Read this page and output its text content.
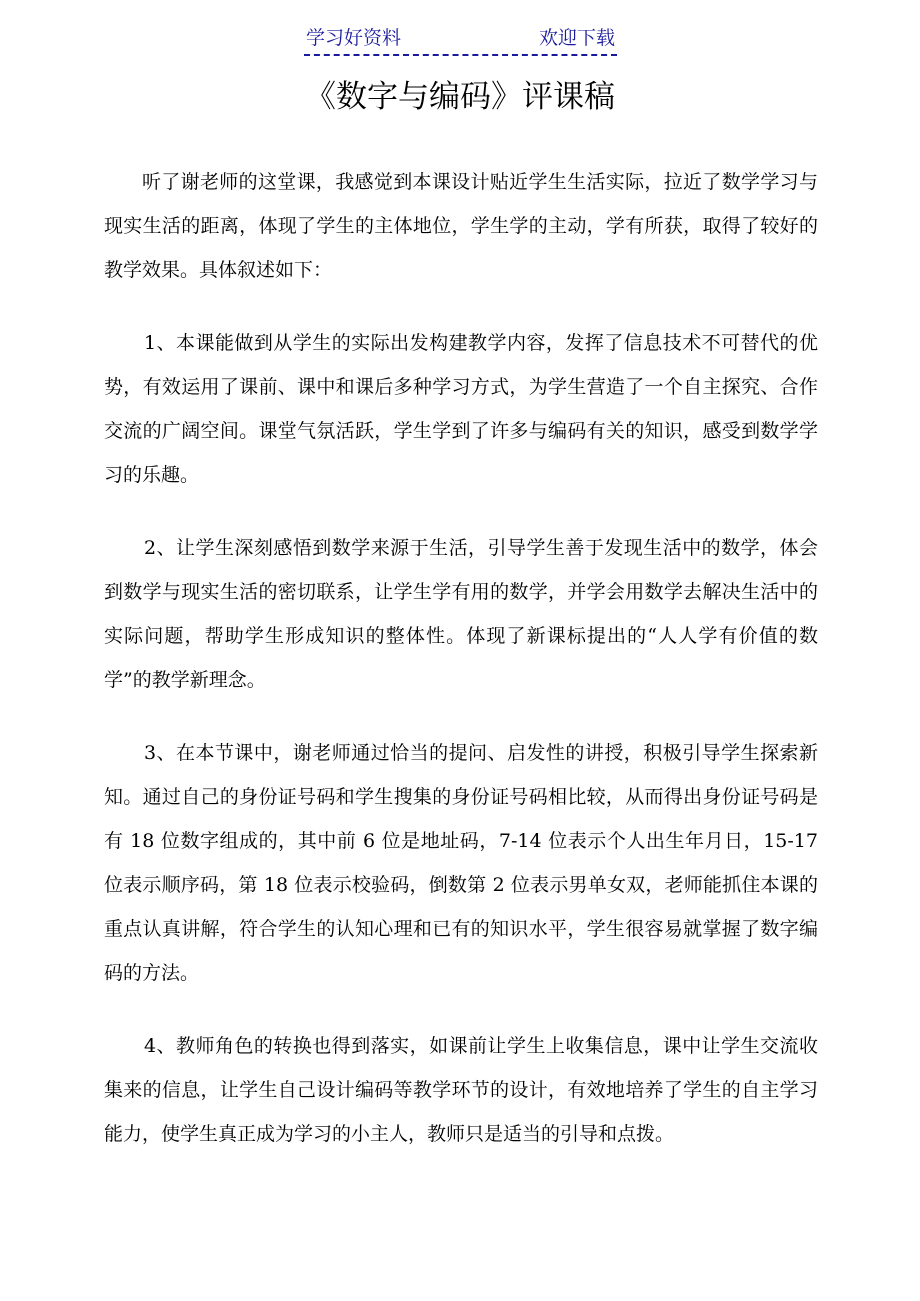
学习好资料	欢迎下载
《数字与编码》评课稿

听了谢老师的这堂课，我感觉到本课设计贴近学生生活实际，拉近了数学学习与现实生活的距离，体现了学生的主体地位，学生学的主动，学有所获，取得了较好的教学效果。具体叙述如下：

1、本课能做到从学生的实际出发构建教学内容，发挥了信息技术不可替代的优势，有效运用了课前、课中和课后多种学习方式，为学生营造了一个自主探究、合作交流的广阔空间。课堂气氛活跃，学生学到了许多与编码有关的知识，感受到数学学习的乐趣。

2、让学生深刻感悟到数学来源于生活，引导学生善于发现生活中的数学，体会到数学与现实生活的密切联系，让学生学有用的数学，并学会用数学去解决生活中的实际问题，帮助学生形成知识的整体性。体现了新课标提出的“人人学有价值的数学”的教学新理念。

3、在本节课中，谢老师通过恰当的提问、启发性的讲授，积极引导学生探索新知。通过自己的身份证号码和学生搜集的身份证号码相比较，从而得出身份证号码是有 18 位数字组成的，其中前 6 位是地址码，7-14 位表示个人出生年月日，15-17 位表示顺序码，第 18 位表示校验码，倒数第 2 位表示男单女双，老师能抓住本课的重点认真讲解，符合学生的认知心理和已有的知识水平，学生很容易就掌握了数字编码的方法。

4、教师角色的转换也得到落实，如课前让学生上收集信息，课中让学生交流收集来的信息，让学生自己设计编码等教学环节的设计，有效地培养了学生的自主学习能力，使学生真正成为学习的小主人，教师只是适当的引导和点拨。
